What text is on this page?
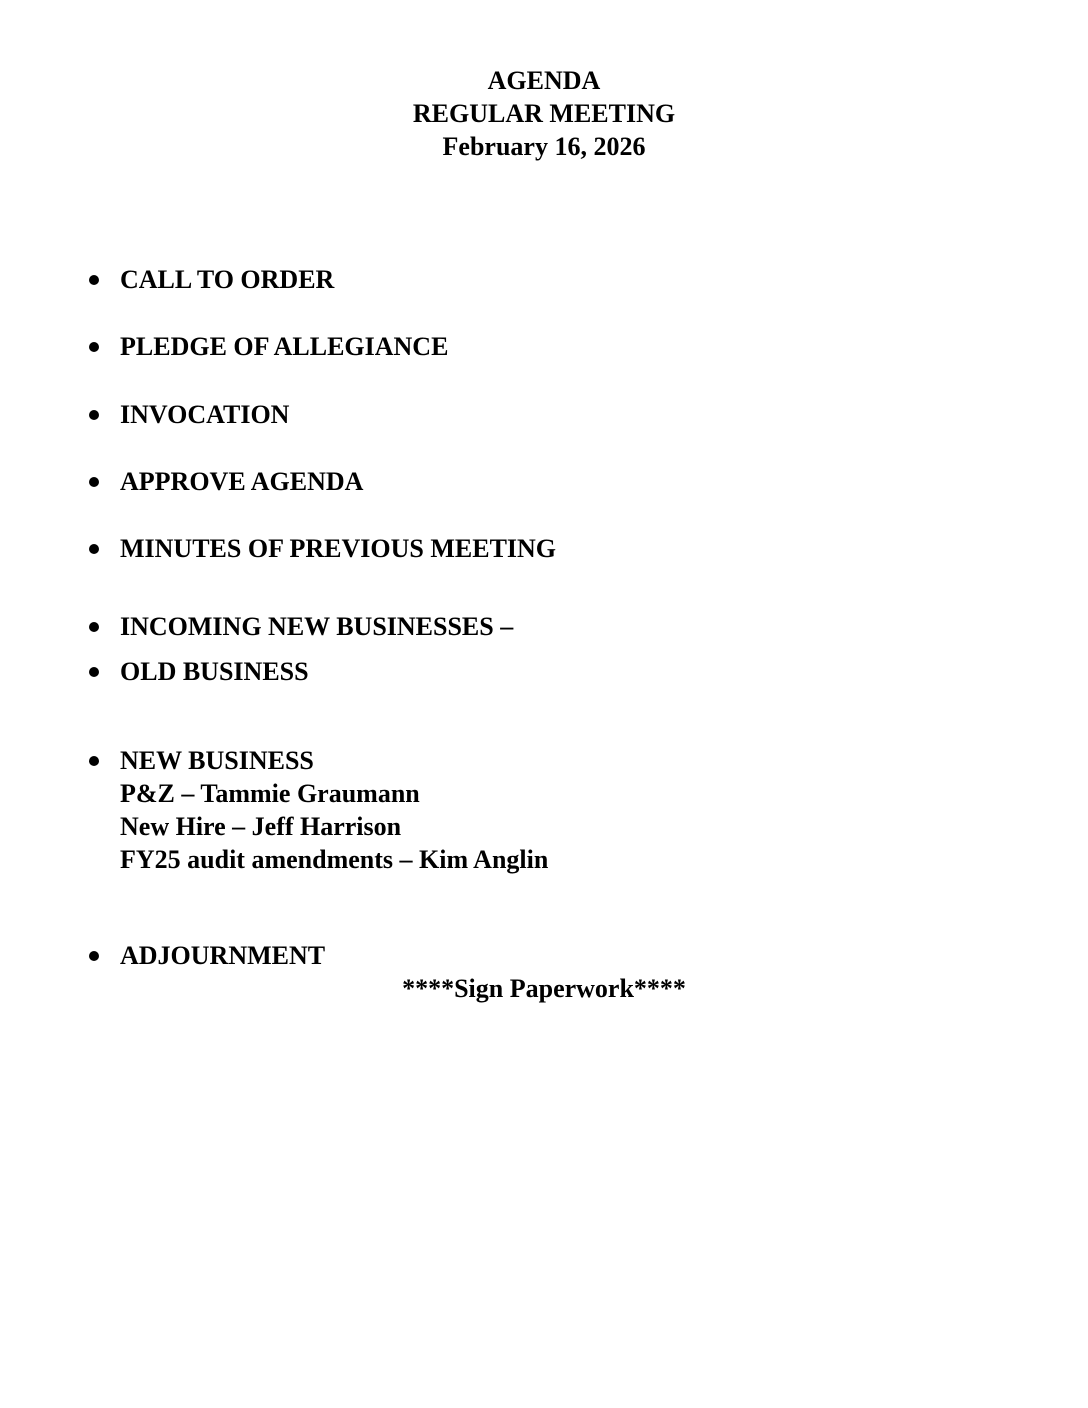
AGENDA
REGULAR MEETING
February 16, 2026
CALL TO ORDER
PLEDGE OF ALLEGIANCE
INVOCATION
APPROVE AGENDA
MINUTES OF PREVIOUS MEETING
INCOMING NEW BUSINESSES –
OLD BUSINESS
NEW BUSINESS
P&Z – Tammie Graumann
New Hire – Jeff Harrison
FY25 audit amendments – Kim Anglin
ADJOURNMENT
****Sign Paperwork****
